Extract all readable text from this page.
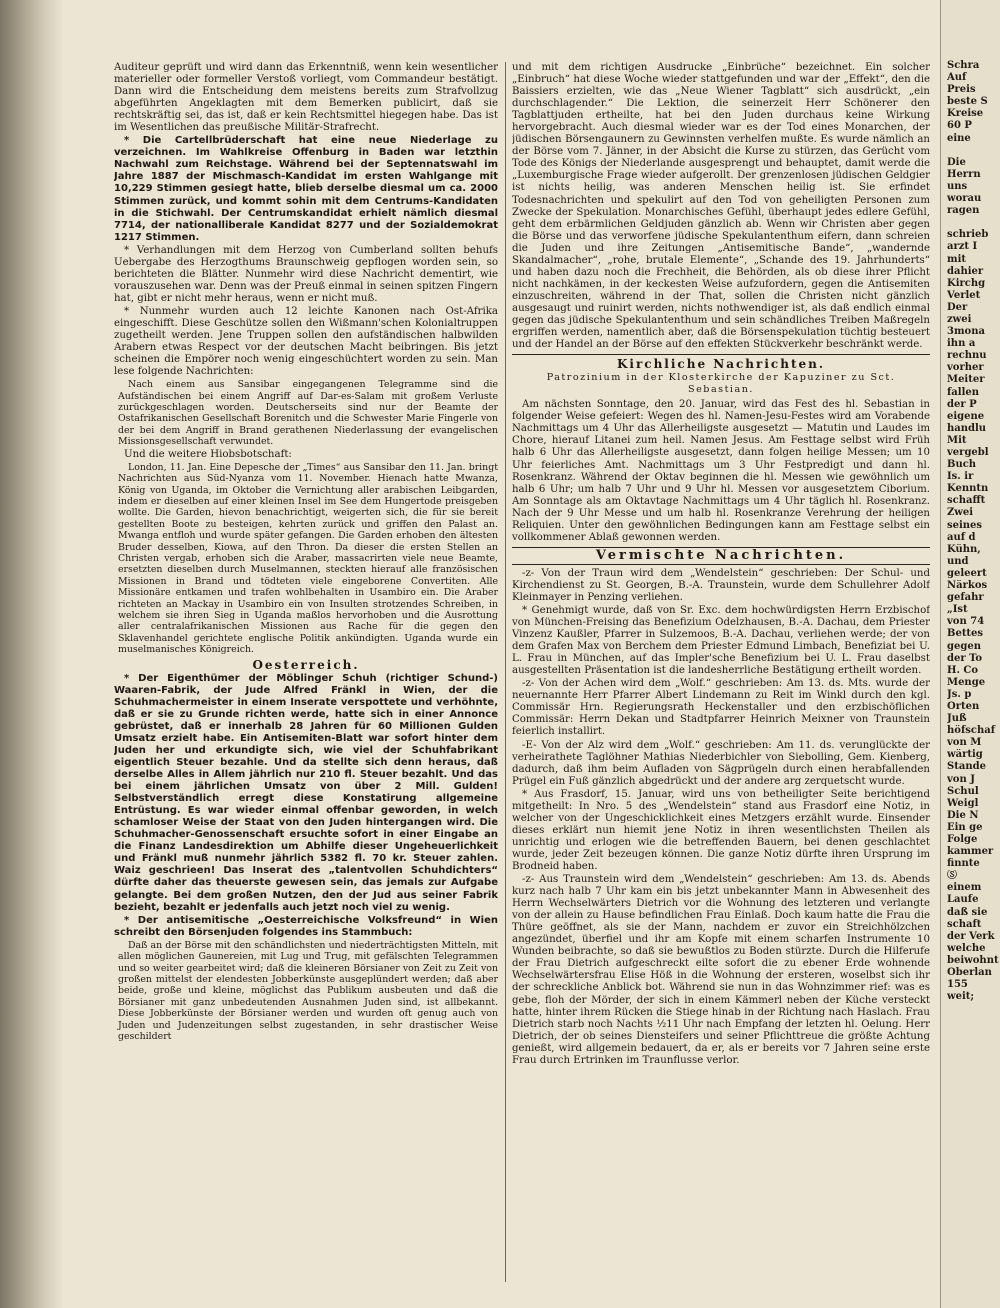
Auditeur geprüft und wird dann das Erkenntniß, wenn kein wesentlicher materieller oder formeller Verstoß vorliegt, vom Commandeur bestätigt. Dann wird die Entscheidung dem meistens bereits zum Strafvollzug abgeführten Angeklagten mit dem Bemerken publicirt, daß sie rechtskräftig sei, das ist, daß er kein Rechtsmittel hiegegen habe. Das ist im Wesentlichen das preußische Militär-Strafrecht.

* Die Cartellbrüderschaft hat eine neue Niederlage zu verzeichnen. Im Wahlkreise Offenburg in Baden war letzthin Nachwahl zum Reichstage. Während bei der Septennatswahl im Jahre 1887 der Mischmasch-Kandidat im ersten Wahlgange mit 10,229 Stimmen gesiegt hatte, blieb derselbe diesmal um ca. 2000 Stimmen zurück, und kommt sohin mit dem Centrums-Kandidaten in die Stichwahl. Der Centrumskandidat erhielt nämlich diesmal 7714, der nationalliberale Kandidat 8277 und der Sozialdemokrat 1217 Stimmen.

* Verhandlungen mit dem Herzog von Cumberland sollten behufs Uebergabe des Herzogthums Braunschweig gepflogen worden sein, so berichteten die Blätter. Nunmehr wird diese Nachricht dementirt, wie vorauszusehen war. Denn was der Preuß einmal in seinen spitzen Fingern hat, gibt er nicht mehr heraus, wenn er nicht muß.

* Nunmehr wurden auch 12 leichte Kanonen nach Ost-Afrika eingeschifft. Diese Geschütze sollen den Wißmann'schen Kolonialtruppen zugetheilt werden. Jene Truppen sollen den aufständischen halbwilden Arabern etwas Respect vor der deutschen Macht beibringen. Bis jetzt scheinen die Empörer noch wenig eingeschüchtert worden zu sein. Man lese folgende Nachrichten:

Nach einem aus Sansibar eingegangenen Telegramme sind die Aufständischen bei einem Angriff auf Dar-es-Salam mit großem Verluste zurückgeschlagen worden. Deutscherseits sind nur der Beamte der Ostafrikanischen Gesellschaft Borenitch und die Schwester Marie Fingerle von der bei dem Angriff in Brand gerathenen Niederlassung der evangelischen Missionsgesellschaft verwundet.

Und die weitere Hiobsbotschaft:

London, 11. Jan. Eine Depesche der „Times“ aus Sansibar den 11. Jan. bringt Nachrichten aus Süd-Nyanza vom 11. November. Hienach hatte Mwanza, König von Uganda, im Oktober die Vernichtung aller arabischen Leibgarden, indem er dieselben auf einer kleinen Insel im See dem Hungertode preisgeben wollte. Die Garden, hievon benachrichtigt, weigerten sich, die für sie bereit gestellten Boote zu besteigen, kehrten zurück und griffen den Palast an. Mwanga entfloh und wurde später gefangen. Die Garden erhoben den ältesten Bruder desselben, Kiowa, auf den Thron. Da dieser die ersten Stellen an Christen vergab, erhoben sich die Araber, massacrirten viele neue Beamte, ersetzten dieselben durch Muselmannen, steckten hierauf alle französischen Missionen in Brand und tödteten viele eingeborene Convertiten. Alle Missionäre entkamen und trafen wohlbehalten in Usambiro ein. Die Araber richteten an Mackay in Usambiro ein von Insulten strotzendes Schreiben, in welchem sie ihren Sieg in Uganda maßlos hervorhoben und die Ausrottung aller centralafrikanischen Missionen aus Rache für die gegen den Sklavenhandel gerichtete englische Politik ankündigten. Uganda wurde ein muselmanisches Königreich.

Oesterreich.

* Der Eigenthümer der Möblinger Schuh (richtiger Schund-) Waaren-Fabrik, der Jude Alfred Fränkl in Wien, der die Schuhmachermeister in einem Inserate verspottete und verhöhnte, daß er sie zu Grunde richten werde, hatte sich in einer Annonce gebrüstet, daß er innerhalb 28 Jahren für 60 Millionen Gulden Umsatz erzielt habe. Ein Antisemiten-Blatt war sofort hinter dem Juden her und erkundigte sich, wie viel der Schuhfabrikant eigentlich Steuer bezahle. Und da stellte sich denn heraus, daß derselbe Alles in Allem jährlich nur 210 fl. Steuer bezahlt. Und das bei einem jährlichen Umsatz von über 2 Mill. Gulden! Selbstverständlich erregt diese Konstatirung allgemeine Entrüstung. Es war wieder einmal offenbar geworden, in welch schamloser Weise der Staat von den Juden hintergangen wird. Die Schuhmacher-Genossenschaft ersuchte sofort in einer Eingabe an die Finanz Landesdirektion um Abhilfe dieser Ungeheuerlichkeit und Fränkl muß nunmehr jährlich 5382 fl. 70 kr. Steuer zahlen. Waiz geschrieen! Das Inserat des „talentvollen Schuhdichters“ dürfte daher das theuerste gewesen sein, das jemals zur Aufgabe gelangte. Bei dem großen Nutzen, den der Jud aus seiner Fabrik bezieht, bezahlt er jedenfalls auch jetzt noch viel zu wenig.

* Der antisemitische „Oesterreichische Volksfreund“ in Wien schreibt den Börsenjuden folgendes ins Stammbuch:

Daß an der Börse mit den schändlichsten und niederträchtigsten Mitteln, mit allen möglichen Gaunereien, mit Lug und Trug, mit gefälschten Telegrammen und so weiter gearbeitet wird; daß die kleineren Börsianer von Zeit zu Zeit von großen mittelst der elendesten Jobberkünste ausgeplündert werden; daß aber beide, große und kleine, möglichst das Publikum ausbeuten und daß die Börsianer mit ganz unbedeutenden Ausnahmen Juden sind, ist allbekannt. Diese Jobberkünste der Börsianer werden und wurden oft genug auch von Juden und Judenzeitungen selbst zugestanden, in sehr drastischer Weise geschildert

und mit dem richtigen Ausdrucke „Einbrüche“ bezeichnet. Ein solcher „Einbruch“ hat diese Woche wieder stattgefunden und war der „Effekt“, den die Baissiers erzielten, wie das „Neue Wiener Tagblatt“ sich ausdrückt, „ein durchschlagender.“ Die Lektion, die seinerzeit Herr Schönerer den Tagblattjuden ertheilte, hat bei den Juden durchaus keine Wirkung hervorgebracht. Auch diesmal wieder war es der Tod eines Monarchen, der jüdischen Börsengaunern zu Gewinnsten verhelfen mußte. Es wurde nämlich an der Börse vom 7. Jänner, in der Absicht die Kurse zu stürzen, das Gerücht vom Tode des Königs der Niederlande ausgesprengt und behauptet, damit werde die „Luxemburgische Frage wieder aufgerollt. Der grenzenlosen jüdischen Geldgier ist nichts heilig, was anderen Menschen heilig ist. Sie erfindet Todesnachrichten und spekulirt auf den Tod von geheiligten Personen zum Zwecke der Spekulation. Monarchisches Gefühl, überhaupt jedes edlere Gefühl, geht dem erbärmlichen Geldjuden gänzlich ab. Wenn wir Christen aber gegen die Börse und das verworfene jüdische Spekulantenthum eifern, dann schreien die Juden und ihre Zeitungen „Antisemitische Bande“, „wandernde Skandalmacher“, „rohe, brutale Elemente“, „Schande des 19. Jahrhunderts“ und haben dazu noch die Frechheit, die Behörden, als ob diese ihrer Pflicht nicht nachkämen, in der keckesten Weise aufzufordern, gegen die Antisemiten einzuschreiten, während in der That, sollen die Christen nicht gänzlich ausgesaugt und ruinirt werden, nichts nothwendiger ist, als daß endlich einmal gegen das jüdische Spekulantenthum und sein schändliches Treiben Maßregeln ergriffen werden, namentlich aber, daß die Börsenspekulation tüchtig besteuert und der Handel an der Börse auf den effekten Stückverkehr beschränkt werde.

Kirchliche Nachrichten.
Patrozinium in der Klosterkirche der Kapuziner zu Sct. Sebastian.

Am nächsten Sonntage, den 20. Januar, wird das Fest des hl. Sebastian in folgender Weise gefeiert: Wegen des hl. Namen-Jesu-Festes wird am Vorabende Nachmittags um 4 Uhr das Allerheiligste ausgesetzt — Matutin und Laudes im Chore, hierauf Litanei zum heil. Namen Jesus. Am Festtage selbst wird Früh halb 6 Uhr das Allerheiligste ausgesetzt, dann folgen heilige Messen; um 10 Uhr feierliches Amt. Nachmittags um 3 Uhr Festpredigt und dann hl. Rosenkranz. Während der Oktav beginnen die hl. Messen wie gewöhnlich um halb 6 Uhr; um halb 7 Uhr und 9 Uhr hl. Messen vor ausgesetztem Ciborium. Am Sonntage als am Oktavtage Nachmittags um 4 Uhr täglich hl. Rosenkranz. Nach der 9 Uhr Messe und um halb hl. Rosenkranze Verehrung der heiligen Reliquien. Unter den gewöhnlichen Bedingungen kann am Festtage selbst ein vollkommener Ablaß gewonnen werden.

Vermischte Nachrichten.

-z- Von der Traun wird dem „Wendelstein“ geschrieben: Der Schul- und Kirchendienst zu St. Georgen, B.-A. Traunstein, wurde dem Schullehrer Adolf Kleinmayer in Penzing verliehen.

* Genehmigt wurde, daß von Sr. Exc. dem hochwürdigsten Herrn Erzbischof von München-Freising das Benefizium Odelzhausen, B.-A. Dachau, dem Priester Vinzenz Kaußler, Pfarrer in Sulzemoos, B.-A. Dachau, verliehen werde; der von dem Grafen Max von Berchem dem Priester Edmund Limbach, Benefiziat bei U. L. Frau in München, auf das Impler'sche Benefizium bei U. L. Frau daselbst ausgestellten Präsentation ist die landesherrliche Bestätigung ertheilt worden.

-z- Von der Achen wird dem „Wolf.“ geschrieben: Am 13. ds. Mts. wurde der neuernannte Herr Pfarrer Albert Lindemann zu Reit im Winkl durch den kgl. Commissär Hrn. Regierungsrath Heckenstaller und den erzbischöflichen Commissär: Herrn Dekan und Stadtpfarrer Heinrich Meixner von Traunstein feierlich installirt.

-E- Von der Alz wird dem „Wolf.“ geschrieben: Am 11. ds. verunglückte der verheirathete Taglöhner Mathias Niederbichler von Siebolling, Gem. Kienberg, dadurch, daß ihm beim Aufladen von Sägprügeln durch einen herabfallenden Prügel ein Fuß gänzlich abgedrückt und der andere arg zerquetscht wurde.

* Aus Frasdorf, 15. Januar, wird uns von betheiligter Seite berichtigend mitgetheilt: In Nro. 5 des „Wendelstein“ stand aus Frasdorf eine Notiz, in welcher von der Ungeschicklichkeit eines Metzgers erzählt wurde. Einsender dieses erklärt nun hiemit jene Notiz in ihren wesentlichsten Theilen als unrichtig und erlogen wie die betreffenden Bauern, bei denen geschlachtet wurde, jeder Zeit bezeugen können. Die ganze Notiz dürfte ihren Ursprung im Brodneid haben.

-z- Aus Traunstein wird dem „Wendelstein“ geschrieben: Am 13. ds. Abends kurz nach halb 7 Uhr kam ein bis jetzt unbekannter Mann in Abwesenheit des Herrn Wechselwärters Dietrich vor die Wohnung des letzteren und verlangte von der allein zu Hause befindlichen Frau Einlaß. Doch kaum hatte die Frau die Thüre geöffnet, als sie der Mann, nachdem er zuvor ein Streichhölzchen angezündet, überfiel und ihr am Kopfe mit einem scharfen Instrumente 10 Wunden beibrachte, so daß sie bewußtlos zu Boden stürzte. Durch die Hilferufe der Frau Dietrich aufgeschreckt eilte sofort die zu ebener Erde wohnende Wechselwärtersfrau Elise Höß in die Wohnung der ersteren, woselbst sich ihr der schreckliche Anblick bot. Während sie nun in das Wohnzimmer rief: was es gebe, floh der Mörder, der sich in einem Kämmerl neben der Küche versteckt hatte, hinter ihrem Rücken die Stiege hinab in der Richtung nach Haslach. Frau Dietrich starb noch Nachts ½11 Uhr nach Empfang der letzten hl. Oelung. Herr Dietrich, der ob seines Diensteifers und seiner Pflichttreue die größte Achtung genießt, wird allgemein bedauert, da er, als er bereits vor 7 Jahren seine erste Frau durch Ertrinken im Traunflusse verlor.

Schra
Auf
Preis
beste S
Kreise
60 P
eine
Die
Herrn
uns
worau
ragen
schrieb
arzt I
mit
dahier
Kirchg
Verlet
Der
zwei
3mona
ihn a
rechnu
vorher
Meiter
fallen
der P
eigene
handlu
Mit
vergebl
Buch
Is. ir
Kenntn
schafft
Zwei
seines
auf d
Kühn,
und
geleert
Närkos
gefahr
„Ist
von 74
Bettes
gegen
der To
H. Co
Menge
Js. p
Orten
Juß
höfschaf
von M
wärtig
Stande
von J
Schul
Weigl
Die N
Ein ge
Folge
kammer
finnte
Ⓢ
einem
Laufe
daß sie
schaft
der Verk
welche
beiwohnt
Oberlan
155
weit;
